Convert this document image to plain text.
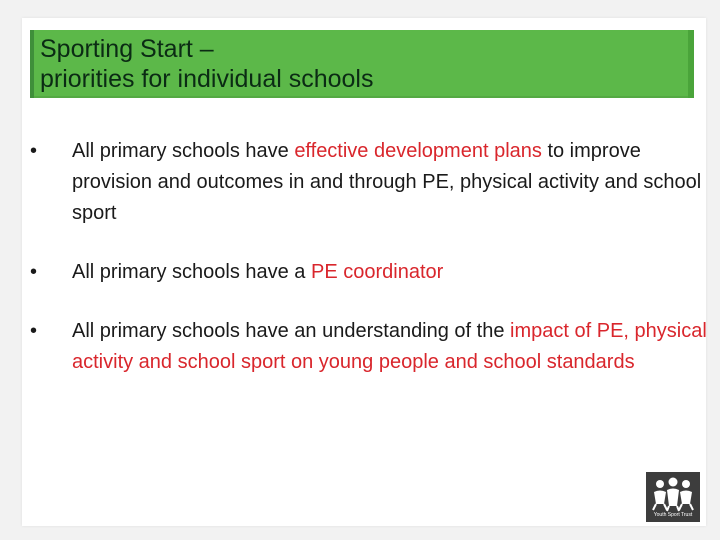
Sporting Start –
priorities for individual schools
•	All primary schools have effective development plans to improve provision and outcomes in and through PE, physical activity and school sport
•	All primary schools have a PE coordinator
•	All primary schools have an understanding of the impact of PE, physical activity and school sport on young people and school standards
Youth Sport Trust
